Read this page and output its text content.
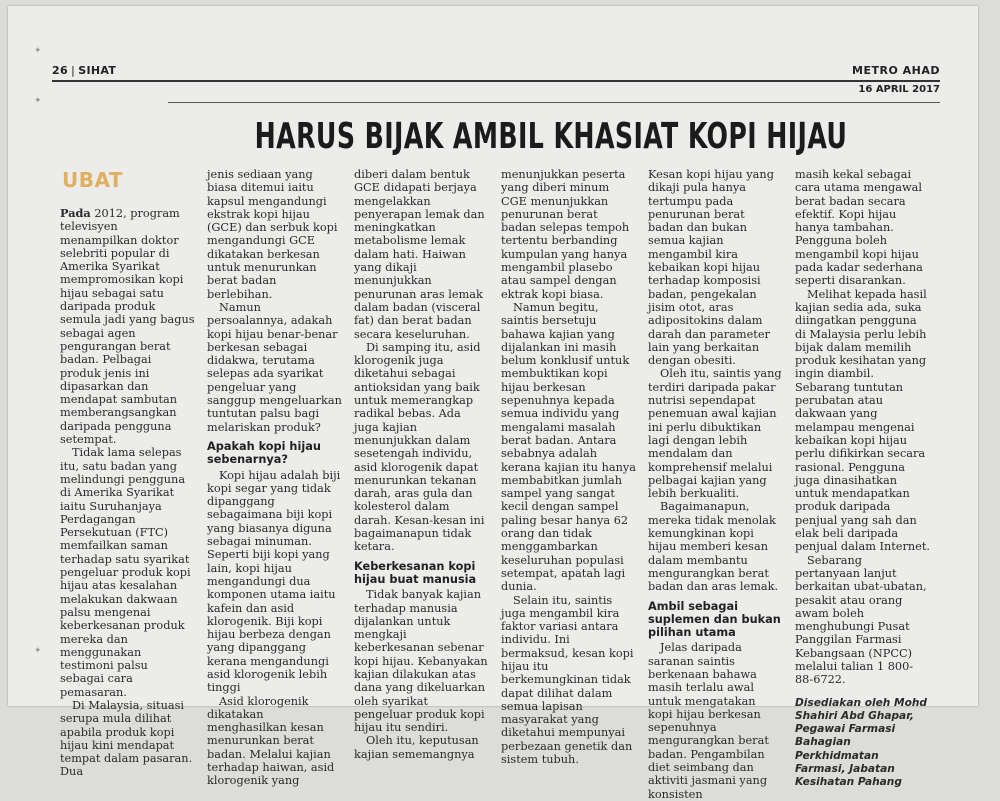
✦
✦
✦
26 | SIHAT	METRO AHAD
16 APRIL 2017
HARUS BIJAK AMBIL KHASIAT KOPI HIJAU
UBAT

Pada 2012, program televisyen menampilkan doktor selebriti popular di Amerika Syarikat mempromosikan kopi hijau sebagai satu daripada produk semula jadi yang bagus sebagai agen pengurangan berat badan. Pelbagai produk jenis ini dipasarkan dan mendapat sambutan memberangsangkan daripada pengguna setempat.

Tidak lama selepas itu, satu badan yang melindungi pengguna di Amerika Syarikat iaitu Suruhanjaya Perdagangan Persekutuan (FTC) memfailkan saman terhadap satu syarikat pengeluar produk kopi hijau atas kesalahan melakukan dakwaan palsu mengenai keberkesanan produk mereka dan menggunakan testimoni palsu sebagai cara pemasaran.

Di Malaysia, situasi serupa mula dilihat apabila produk kopi hijau kini mendapat tempat dalam pasaran. Dua

jenis sediaan yang biasa ditemui iaitu kapsul mengandungi ekstrak kopi hijau (GCE) dan serbuk kopi mengandungi GCE dikatakan berkesan untuk menurunkan berat badan berlebihan.

Namun persoalannya, adakah kopi hijau benar-benar berkesan sebagai didakwa, terutama selepas ada syarikat pengeluar yang sanggup mengeluarkan tuntutan palsu bagi melariskan produk?

Apakah kopi hijau sebenarnya?

Kopi hijau adalah biji kopi segar yang tidak dipanggang sebagaimana biji kopi yang biasanya diguna sebagai minuman. Seperti biji kopi yang lain, kopi hijau mengandungi dua komponen utama iaitu kafein dan asid klorogenik. Biji kopi hijau berbeza dengan yang dipanggang kerana mengandungi asid klorogenik lebih tinggi

Asid klorogenik dikatakan menghasilkan kesan menurunkan berat badan. Melalui kajian terhadap haiwan, asid klorogenik yang

diberi dalam bentuk GCE didapati berjaya mengelakkan penyerapan lemak dan meningkatkan metabolisme lemak dalam hati. Haiwan yang dikaji menunjukkan penurunan aras lemak dalam badan (visceral fat) dan berat badan secara keseluruhan.

Di samping itu, asid klorogenik juga diketahui sebagai antioksidan yang baik untuk memerangkap radikal bebas. Ada juga kajian menunjukkan dalam sesetengah individu, asid klorogenik dapat menurunkan tekanan darah, aras gula dan kolesterol dalam darah. Kesan-kesan ini bagaimanapun tidak ketara.

Keberkesanan kopi hijau buat manusia

Tidak banyak kajian terhadap manusia dijalankan untuk mengkaji keberkesanan sebenar kopi hijau. Kebanyakan kajian dilakukan atas dana yang dikeluarkan oleh syarikat pengeluar produk kopi hijau itu sendiri.

Oleh itu, keputusan kajian sememangnya

menunjukkan peserta yang diberi minum CGE menunjukkan penurunan berat badan selepas tempoh tertentu berbanding kumpulan yang hanya mengambil plasebo atau sampel dengan ektrak kopi biasa.

Namun begitu, saintis bersetuju bahawa kajian yang dijalankan ini masih belum konklusif untuk membuktikan kopi hijau berkesan sepenuhnya kepada semua individu yang mengalami masalah berat badan. Antara sebabnya adalah kerana kajian itu hanya membabitkan jumlah sampel yang sangat kecil dengan sampel paling besar hanya 62 orang dan tidak menggambarkan keseluruhan populasi setempat, apatah lagi dunia.

Selain itu, saintis juga mengambil kira faktor variasi antara individu. Ini bermaksud, kesan kopi hijau itu berkemungkinan tidak dapat dilihat dalam semua lapisan masyarakat yang diketahui mempunyai perbezaan genetik dan sistem tubuh.

Kesan kopi hijau yang dikaji pula hanya tertumpu pada penurunan berat badan dan bukan semua kajian mengambil kira kebaikan kopi hijau terhadap komposisi badan, pengekalan jisim otot, aras adipositokins dalam darah dan parameter lain yang berkaitan dengan obesiti.

Oleh itu, saintis yang terdiri daripada pakar nutrisi sependapat penemuan awal kajian ini perlu dibuktikan lagi dengan lebih mendalam dan komprehensif melalui pelbagai kajian yang lebih berkualiti.

Bagaimanapun, mereka tidak menolak kemungkinan kopi hijau memberi kesan dalam membantu mengurangkan berat badan dan aras lemak.

Ambil sebagai suplemen dan bukan pilihan utama

Jelas daripada saranan saintis berkenaan bahawa masih terlalu awal untuk mengatakan kopi hijau berkesan sepenuhnya mengurangkan berat badan. Pengambilan diet seimbang dan aktiviti jasmani yang konsisten

masih kekal sebagai cara utama mengawal berat badan secara efektif. Kopi hijau hanya tambahan. Pengguna boleh mengambil kopi hijau pada kadar sederhana seperti disarankan.

Melihat kepada hasil kajian sedia ada, suka diingatkan pengguna di Malaysia perlu lebih bijak dalam memilih produk kesihatan yang ingin diambil. Sebarang tuntutan perubatan atau dakwaan yang melampau mengenai kebaikan kopi hijau perlu difikirkan secara rasional. Pengguna juga dinasihatkan untuk mendapatkan produk daripada penjual yang sah dan elak beli daripada penjual dalam Internet.

Sebarang pertanyaan lanjut berkaitan ubat-ubatan, pesakit atau orang awam boleh menghubungi Pusat Panggilan Farmasi Kebangsaan (NPCC) melalui talian 1 800-88-6722.

Disediakan oleh Mohd Shahiri Abd Ghapar, Pegawai Farmasi Bahagian Perkhidmatan Farmasi, Jabatan Kesihatan Pahang
